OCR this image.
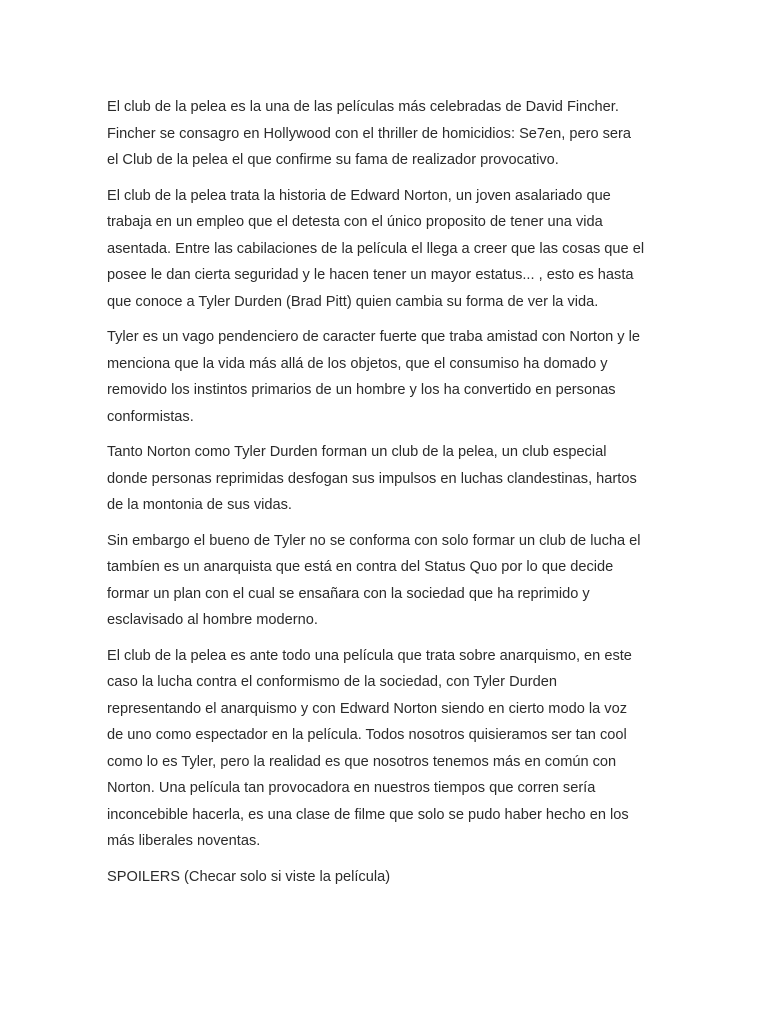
El club de la pelea es la una de las películas más celebradas de David Fincher.
Fincher se consagro en Hollywood con el thriller de homicidios: Se7en, pero sera
el Club de la pelea el que confirme su fama de realizador provocativo.

El club de la pelea trata la historia de Edward Norton, un joven asalariado que
trabaja en un empleo que el detesta con el único proposito de tener una vida
asentada. Entre las cabilaciones de la película el llega a creer que las cosas que el
posee le dan cierta seguridad y le hacen tener un mayor estatus... , esto es hasta
que conoce a Tyler Durden (Brad Pitt) quien cambia su forma de ver la vida.

Tyler es un vago pendenciero de caracter fuerte que traba amistad con Norton y le
menciona que la vida más allá de los objetos, que el consumiso ha domado y
removido los instintos primarios de un hombre y los ha convertido en personas
conformistas.

Tanto Norton como Tyler Durden forman un club de la pelea, un club especial
donde personas reprimidas desfogan sus impulsos en luchas clandestinas, hartos
de la montonia de sus vidas.

Sin embargo el bueno de Tyler no se conforma con solo formar un club de lucha el
tambíen es un anarquista que está en contra del Status Quo por lo que decide
formar un plan con el cual se ensañara con la sociedad que ha reprimido y
esclavisado al hombre moderno.

El club de la pelea es ante todo una película que trata sobre anarquismo, en este
caso la lucha contra el conformismo de la sociedad, con Tyler Durden
representando el anarquismo y con Edward Norton siendo en cierto modo la voz
de uno como espectador en la película. Todos nosotros quisieramos ser tan cool
como lo es Tyler, pero la realidad es que nosotros tenemos más en común con
Norton. Una película tan provocadora en nuestros tiempos que corren sería
inconcebible hacerla, es una clase de filme que solo se pudo haber hecho en los
más liberales noventas.

SPOILERS (Checar solo si viste la película)
